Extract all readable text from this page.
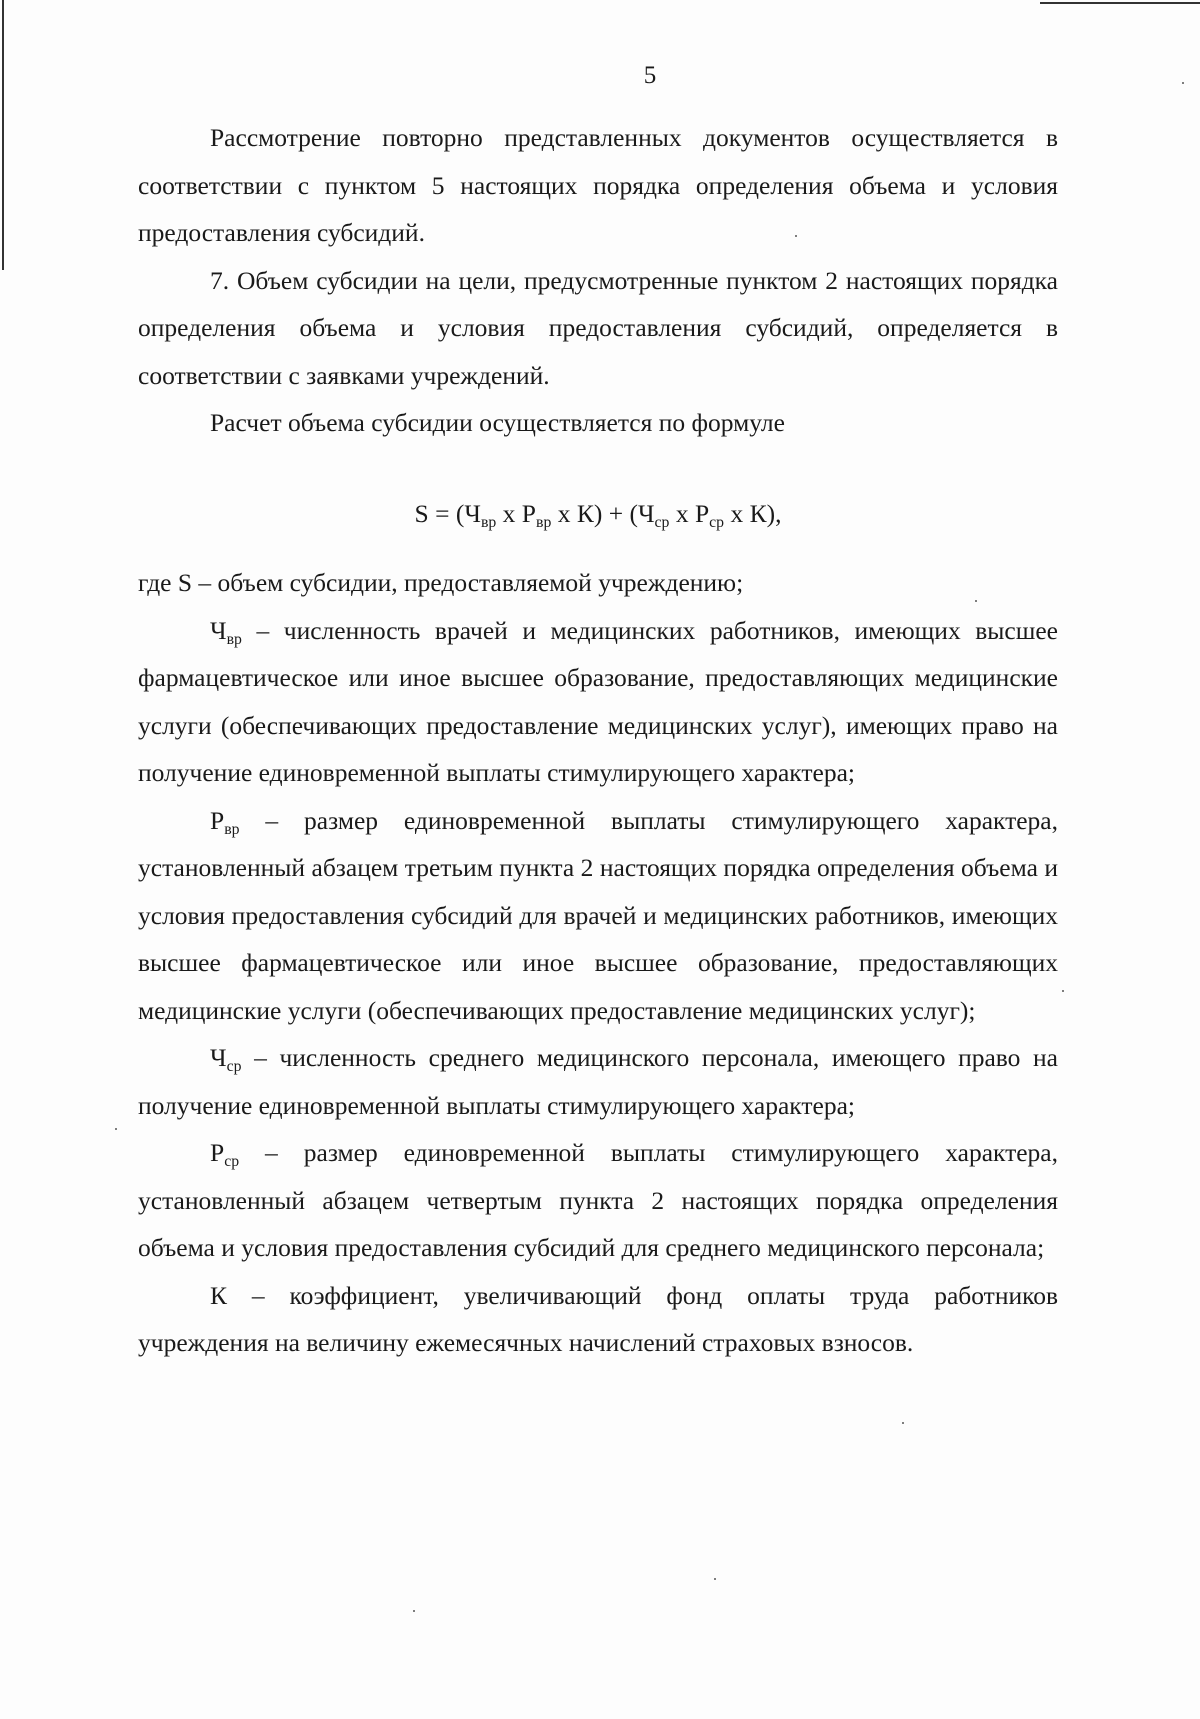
5

Рассмотрение повторно представленных документов осуществляется в соответствии с пунктом 5 настоящих порядка определения объема и условия предоставления субсидий.

7. Объем субсидии на цели, предусмотренные пунктом 2 настоящих порядка определения объема и условия предоставления субсидий, определяется в соответствии с заявками учреждений.

Расчет объема субсидии осуществляется по формуле

$S = (Ч_{вр}$ х $Р_{вр}$ х $К) + (Ч_{ср}$ х $Р_{ср}$ х К),

где S – объем субсидии, предоставляемой учреждению;

$Ч_{вр}$ – численность врачей и медицинских работников, имеющих высшее фармацевтическое или иное высшее образование, предоставляющих медицинские услуги (обеспечивающих предоставление медицинских услуг), имеющих право на получение единовременной выплаты стимулирующего характера;

$Р_{вр}$ – размер единовременной выплаты стимулирующего характера, установленный абзацем третьим пункта 2 настоящих порядка определения объема и условия предоставления субсидий для врачей и медицинских работников, имеющих высшее фармацевтическое или иное высшее образование, предоставляющих медицинские услуги (обеспечивающих предоставление медицинских услуг);

$Ч_{ср}$ – численность среднего медицинского персонала, имеющего право на получение единовременной выплаты стимулирующего характера;

$Р_{ср}$ – размер единовременной выплаты стимулирующего характера, установленный абзацем четвертым пункта 2 настоящих порядка определения объема и условия предоставления субсидий для среднего медицинского персонала;

К – коэффициент, увеличивающий фонд оплаты труда работников учреждения на величину ежемесячных начислений страховых взносов.
